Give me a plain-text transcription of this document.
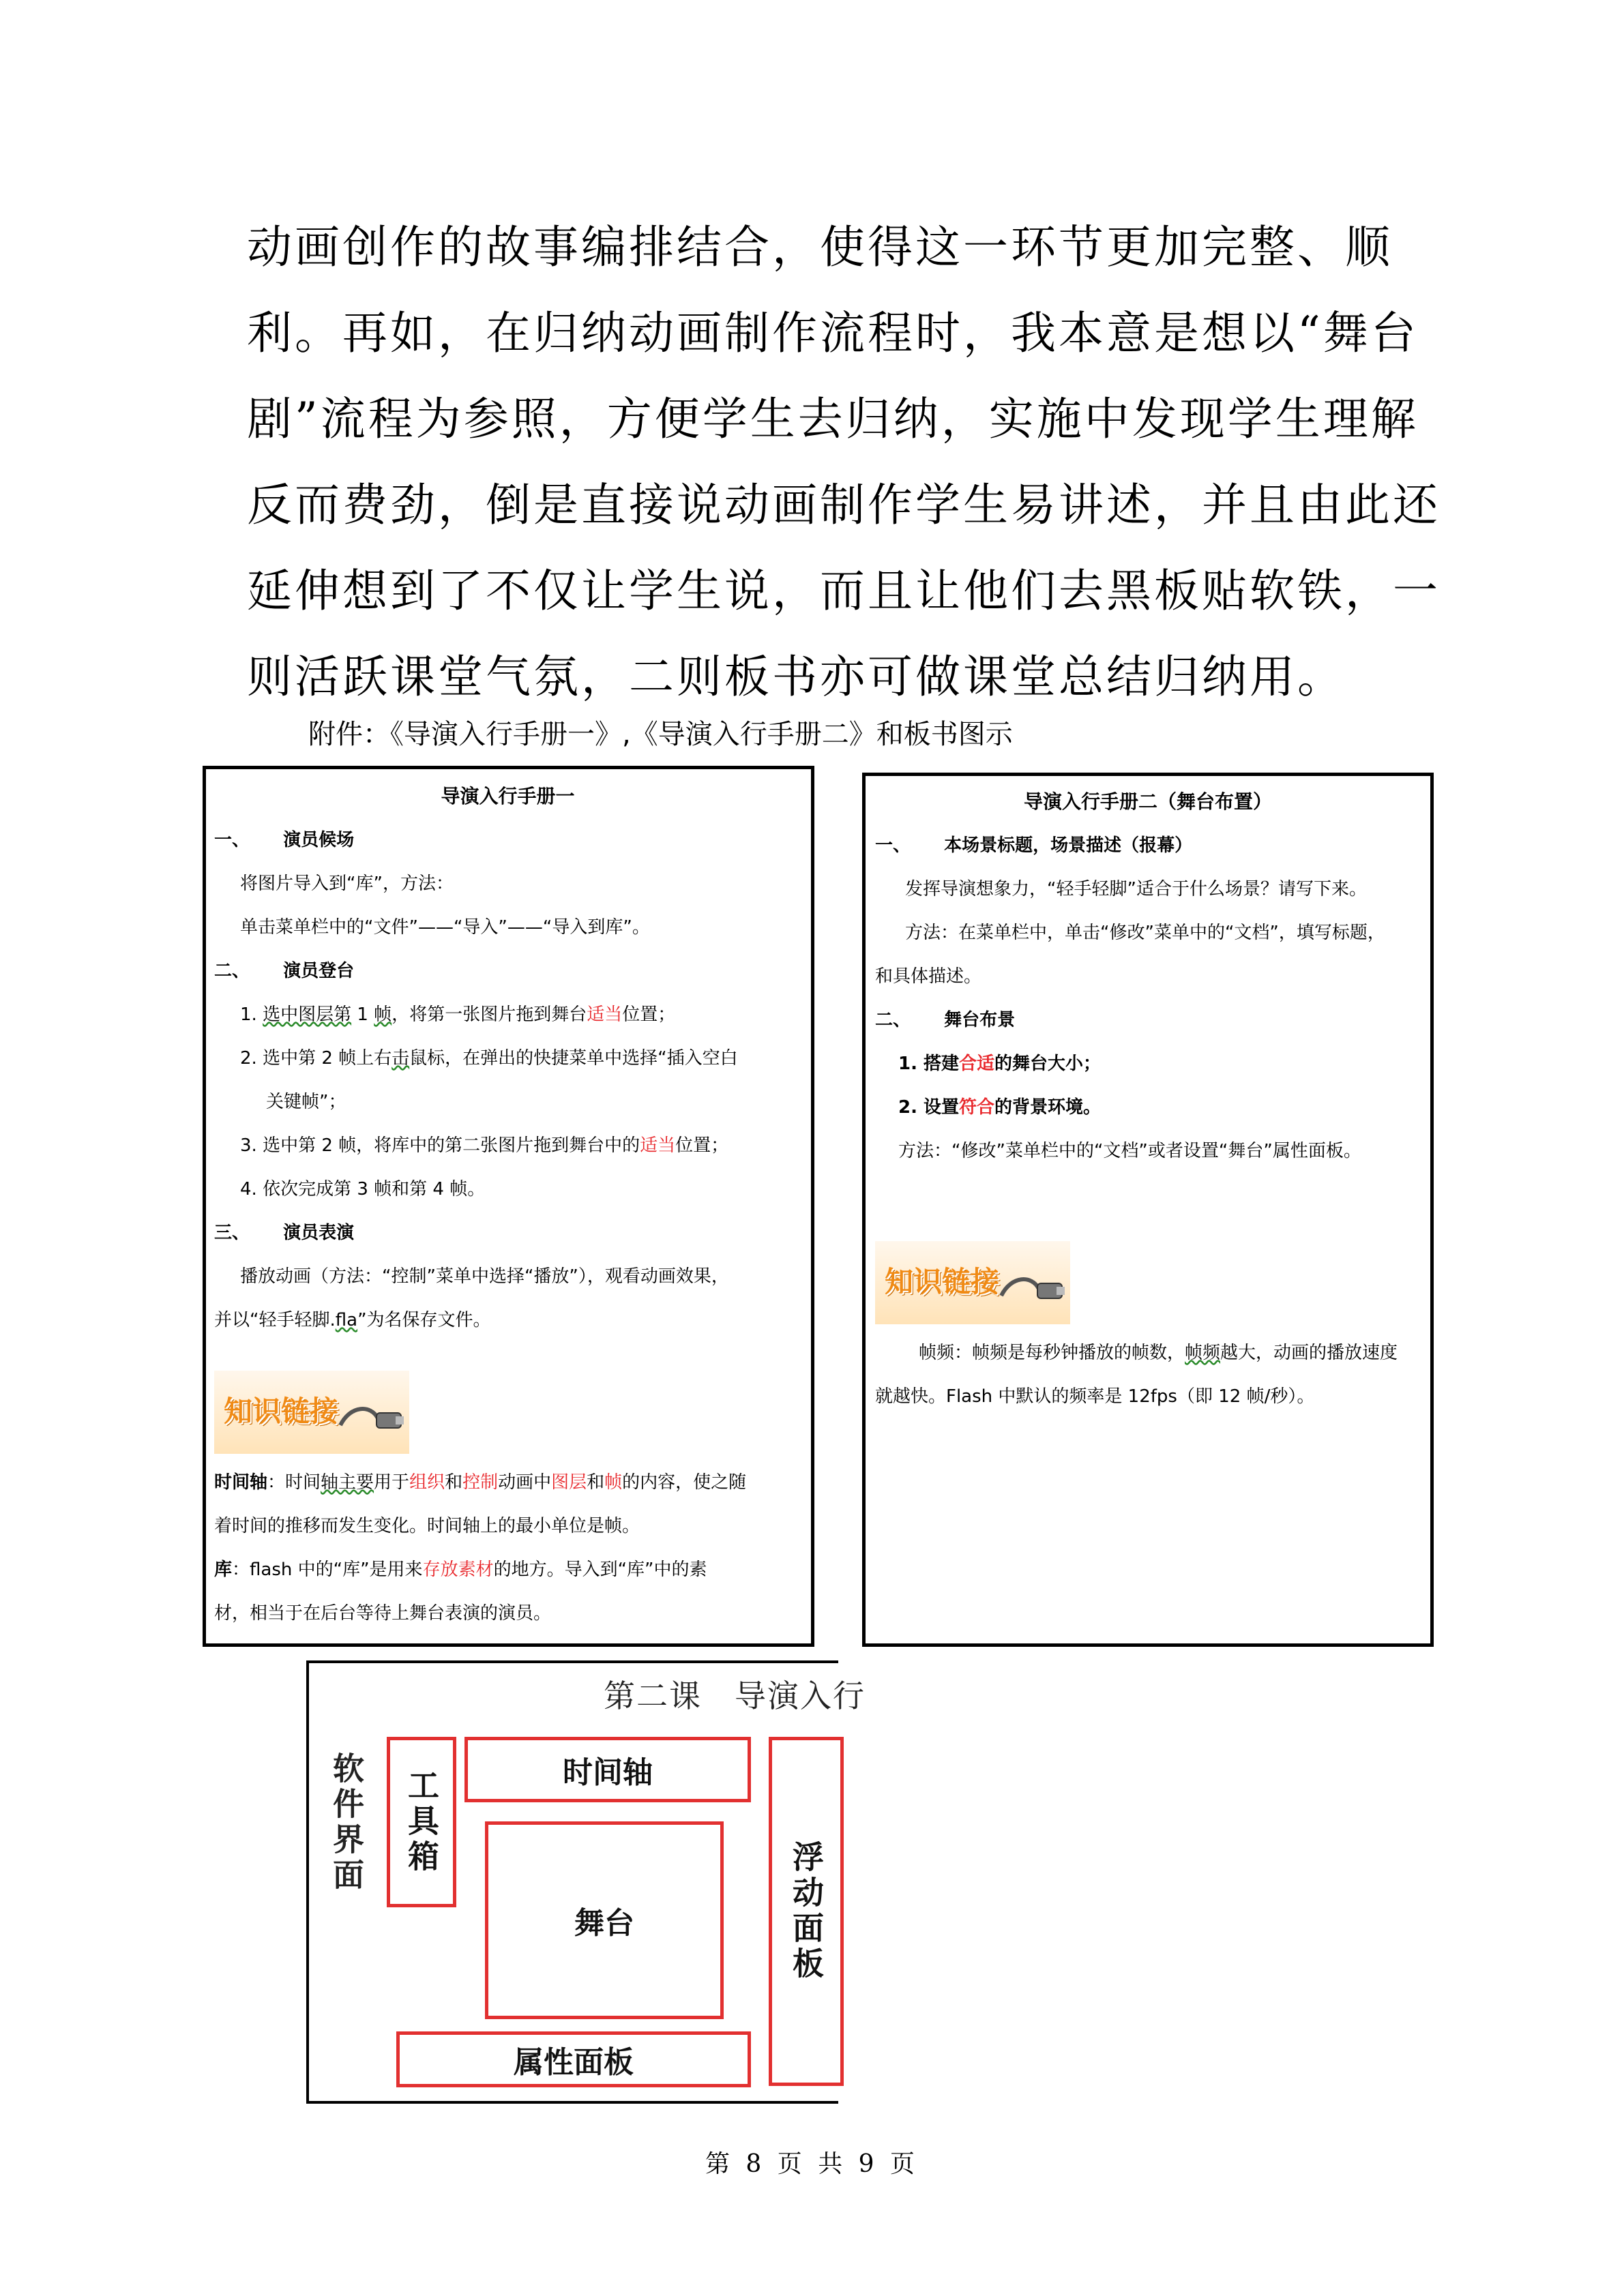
动画创作的故事编排结合，使得这一环节更加完整、顺
利。再如，在归纳动画制作流程时，我本意是想以“舞台
剧”流程为参照，方便学生去归纳，实施中发现学生理解
反而费劲，倒是直接说动画制作学生易讲述，并且由此还
延伸想到了不仅让学生说，而且让他们去黑板贴软铁，一
则活跃课堂气氛，二则板书亦可做课堂总结归纳用。
附件：《导演入行手册一》,《导演入行手册二》和板书图示
导演入行手册一
一、 演员候场
将图片导入到“库”，方法：
单击菜单栏中的“文件”——“导入”——“导入到库”。
二、 演员登台
1. 选中图层第 1 帧，将第一张图片拖到舞台适当位置；
2. 选中第 2 帧上右击鼠标，在弹出的快捷菜单中选择“插入空白
关键帧”；
3. 选中第 2 帧，将库中的第二张图片拖到舞台中的适当位置；
4. 依次完成第 3 帧和第 4 帧。
三、 演员表演
播放动画（方法：“控制”菜单中选择“播放”），观看动画效果，
并以“轻手轻脚.fla”为名保存文件。
知识链接
时间轴：时间轴主要用于组织和控制动画中图层和帧的内容，使之随
着时间的推移而发生变化。时间轴上的最小单位是帧。
库：flash 中的“库”是用来存放素材的地方。导入到“库”中的素
材，相当于在后台等待上舞台表演的演员。
导演入行手册二（舞台布置）
一、 本场景标题，场景描述（报幕）
发挥导演想象力，“轻手轻脚”适合于什么场景？请写下来。
方法：在菜单栏中，单击“修改”菜单中的“文档”，填写标题，
和具体描述。
二、 舞台布景
1. 搭建合适的舞台大小；
2. 设置符合的背景环境。
方法：“修改”菜单栏中的“文档”或者设置“舞台”属性面板。
知识链接
帧频：帧频是每秒钟播放的帧数，帧频越大，动画的播放速度
就越快。Flash 中默认的频率是 12fps（即 12 帧/秒）。
第二课　导演入行
软件界面 工具箱	时间轴
舞台	浮动面板
属性面板
第 8 页 共 9 页
